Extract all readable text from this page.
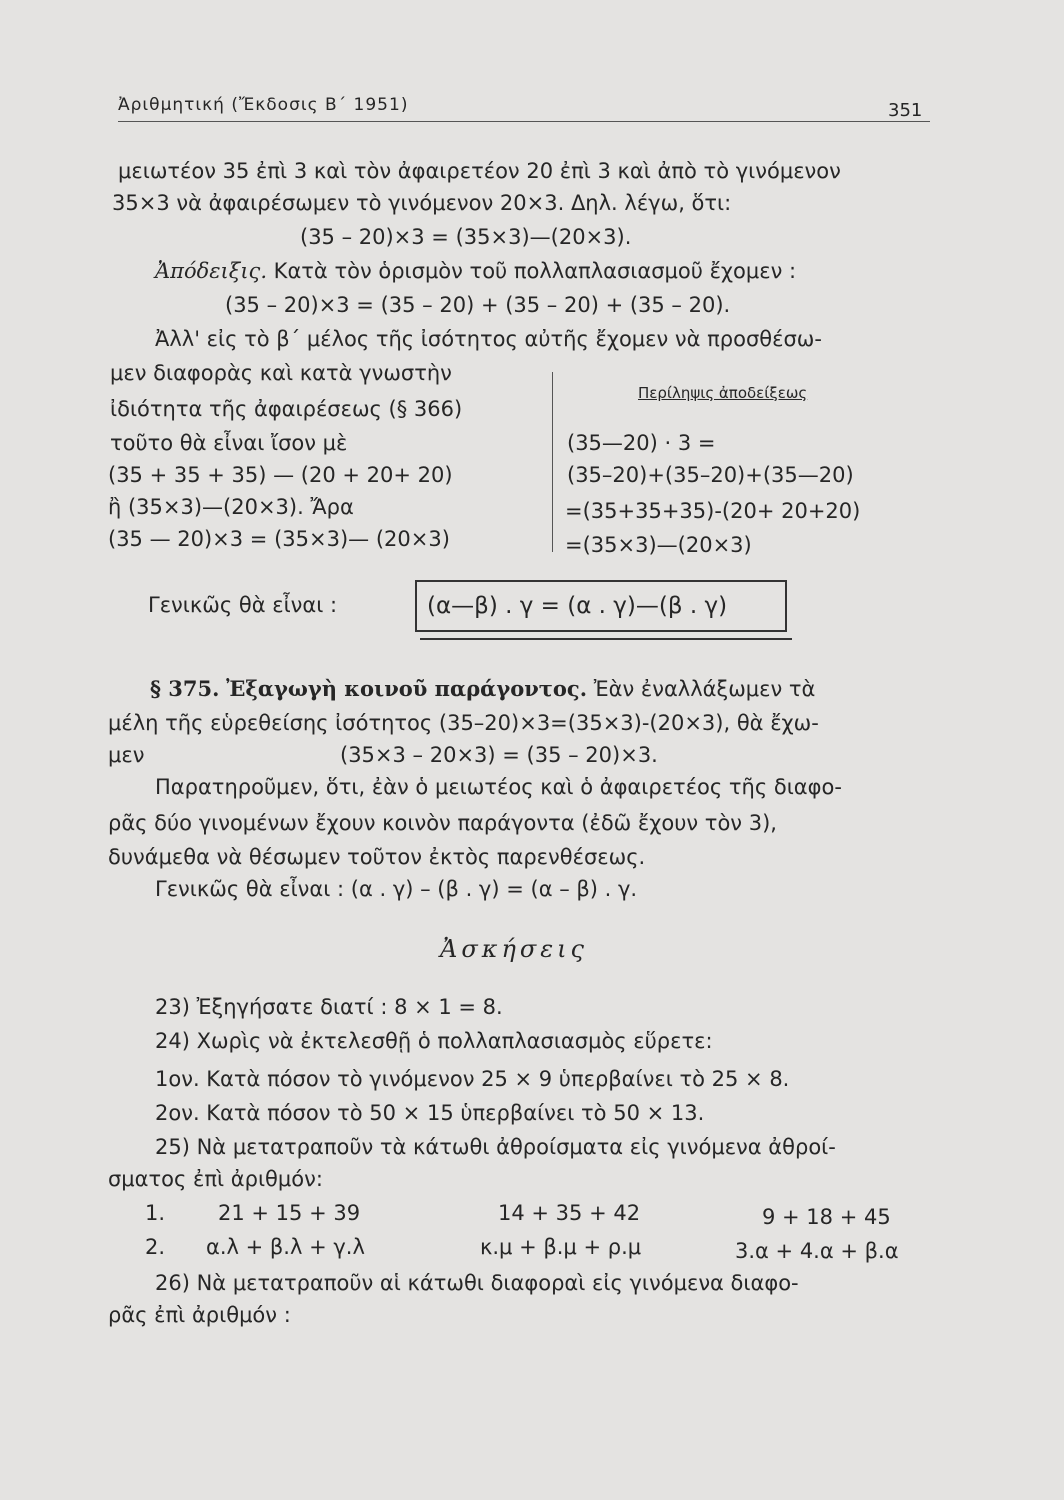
Ἀριθμητική (Ἔκδοσις Β΄ 1951)	351
μειωτέον 35 ἐπὶ 3 καὶ τὸν ἀφαιρετέον 20 ἐπὶ 3 καὶ ἀπὸ τὸ γινόμενον
35×3 νὰ ἀφαιρέσωμεν τὸ γινόμενον 20×3. Δηλ. λέγω, ὅτι:
(35 – 20)×3 = (35×3)—(20×3).
Ἀπόδειξις. Κατὰ τὸν ὁρισμὸν τοῦ πολλαπλασιασμοῦ ἔχομεν :
(35 – 20)×3 = (35 – 20) + (35 – 20) + (35 – 20).
Ἀλλ' εἰς τὸ β΄ μέλος τῆς ἰσότητος αὐτῆς ἔχομεν νὰ προσθέσω-
μεν διαφορὰς καὶ κατὰ γνωστὴν
ἰδιότητα τῆς ἀφαιρέσεως (§ 366)
τοῦτο θὰ εἶναι ἴσον μὲ
(35 + 35 + 35) — (20 + 20+ 20)
ἢ (35×3)—(20×3). Ἄρα
(35 — 20)×3 = (35×3)— (20×3)
Περίληψις ἀποδείξεως
(35—20) · 3 =
(35–20)+(35–20)+(35—20)
=(35+35+35)-(20+ 20+20)
=(35×3)—(20×3)
Γενικῶς θὰ εἶναι :	(α—β) . γ = (α . γ)—(β . γ)
§ 375. Ἐξαγωγὴ κοινοῦ παράγοντος. Ἐὰν ἐναλλάξωμεν τὰ
μέλη τῆς εὑρεθείσης ἰσότητος (35–20)×3=(35×3)-(20×3), θὰ ἔχω-
μεν	(35×3 – 20×3) = (35 – 20)×3.
Παρατηροῦμεν, ὅτι, ἐὰν ὁ μειωτέος καὶ ὁ ἀφαιρετέος τῆς διαφο-
ρᾶς δύο γινομένων ἔχουν κοινὸν παράγοντα (ἐδῶ ἔχουν τὸν 3),
δυνάμεθα νὰ θέσωμεν τοῦτον ἐκτὸς παρενθέσεως.
Γενικῶς θὰ εἶναι : (α . γ) – (β . γ) = (α – β) . γ.
Ἀσκήσεις
23) Ἐξηγήσατε διατί : 8 × 1 = 8.
24) Χωρὶς νὰ ἐκτελεσθῇ ὁ πολλαπλασιασμὸς εὕρετε:
1ον. Κατὰ πόσον τὸ γινόμενον 25 × 9 ὑπερβαίνει τὸ 25 × 8.
2ον. Κατὰ πόσον τὸ 50 × 15 ὑπερβαίνει τὸ 50 × 13.
25) Νὰ μετατραποῦν τὰ κάτωθι ἀθροίσματα εἰς γινόμενα ἀθροί-
σματος ἐπὶ ἀριθμόν:
1.	21 + 15 + 39	14 + 35 + 42	9 + 18 + 45
2. α.λ + β.λ + γ.λ	κ.μ + β.μ + ρ.μ	3.α + 4.α + β.α
26) Νὰ μετατραποῦν αἱ κάτωθι διαφοραὶ εἰς γινόμενα διαφο-
ρᾶς ἐπὶ ἀριθμόν :
